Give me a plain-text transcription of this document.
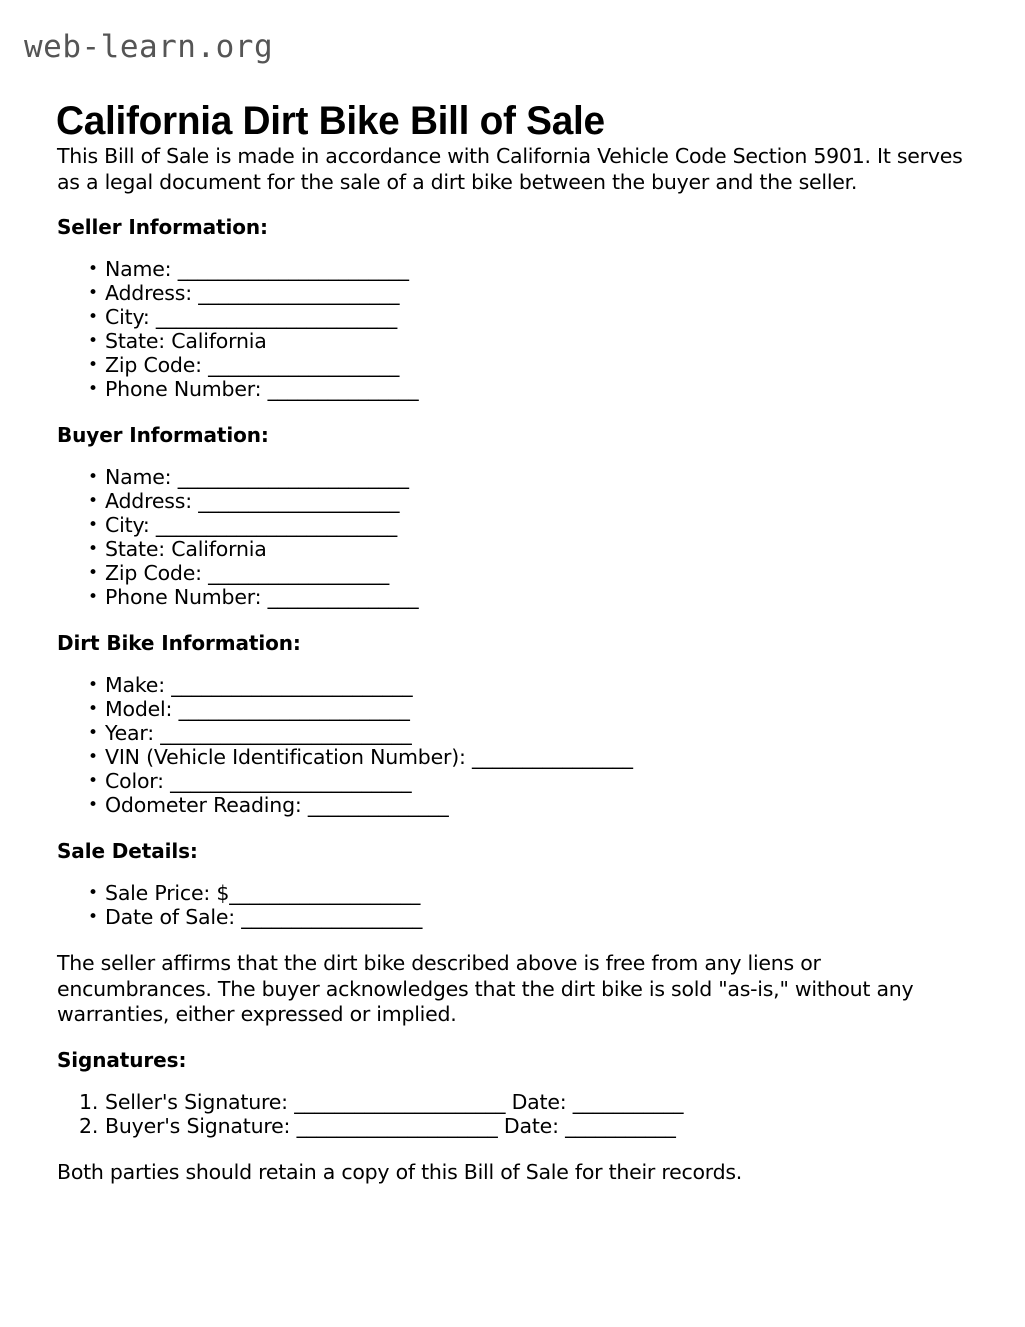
web-learn.org
California Dirt Bike Bill of Sale

This Bill of Sale is made in accordance with California Vehicle Code Section 5901. It serves as a legal document for the sale of a dirt bike between the buyer and the seller.

Seller Information:
• Name: _______________________
• Address: ____________________
• City: ________________________
• State: California
• Zip Code: ___________________
• Phone Number: _______________
Buyer Information:
• Name: _______________________
• Address: ____________________
• City: ________________________
• State: California
• Zip Code: __________________
• Phone Number: _______________
Dirt Bike Information:
• Make: ________________________
• Model: _______________________
• Year: _________________________
• VIN (Vehicle Identification Number): ________________
• Color: ________________________
• Odometer Reading: ______________
Sale Details:
• Sale Price: $___________________
• Date of Sale: __________________

The seller affirms that the dirt bike described above is free from any liens or encumbrances. The buyer acknowledges that the dirt bike is sold "as-is," without any warranties, either expressed or implied.

Signatures:
Seller's Signature: _____________________ Date: ___________
Buyer's Signature: ____________________ Date: ___________

Both parties should retain a copy of this Bill of Sale for their records.
